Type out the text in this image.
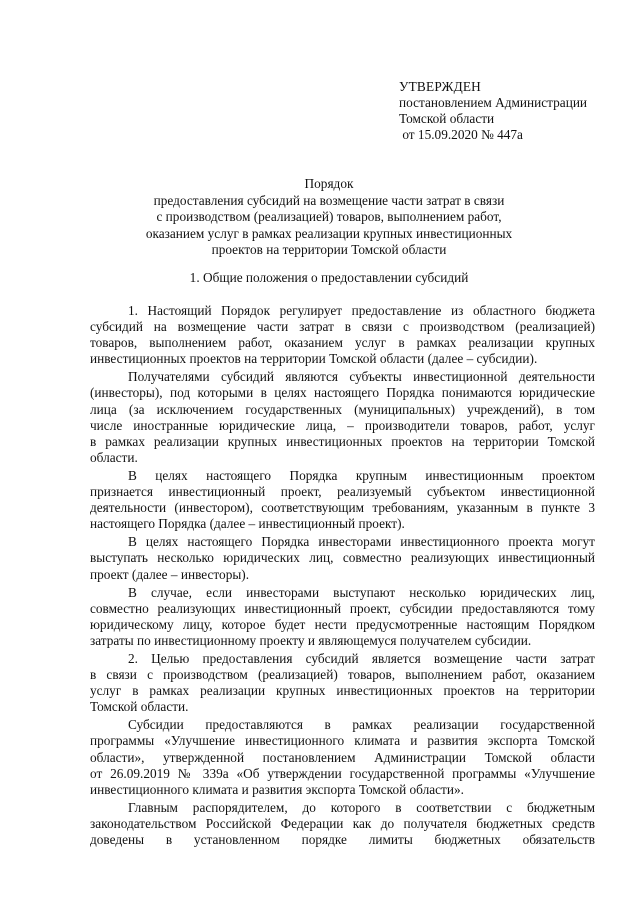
УТВЕРЖДЕН
постановлением Администрации
Томской области
от 15.09.2020 № 447а
Порядок
предоставления субсидий на возмещение части затрат в связи
с производством (реализацией) товаров, выполнением работ,
оказанием услуг в рамках реализации крупных инвестиционных
проектов на территории Томской области
1. Общие положения о предоставлении субсидий
1. Настоящий Порядок регулирует предоставление из областного бюджета
субсидий на возмещение части затрат в связи с производством (реализацией)
товаров, выполнением работ, оказанием услуг в рамках реализации крупных
инвестиционных проектов на территории Томской области (далее – субсидии).
Получателями субсидий являются субъекты инвестиционной деятельности
(инвесторы), под которыми в целях настоящего Порядка понимаются юридические
лица (за исключением государственных (муниципальных) учреждений), в том
числе иностранные юридические лица, – производители товаров, работ, услуг
в рамках реализации крупных инвестиционных проектов на территории Томской
области.
В целях настоящего Порядка крупным инвестиционным проектом
признается инвестиционный проект, реализуемый субъектом инвестиционной
деятельности (инвестором), соответствующим требованиям, указанным в пункте 3
настоящего Порядка (далее – инвестиционный проект).
В целях настоящего Порядка инвесторами инвестиционного проекта могут
выступать несколько юридических лиц, совместно реализующих инвестиционный
проект (далее – инвесторы).
В случае, если инвесторами выступают несколько юридических лиц,
совместно реализующих инвестиционный проект, субсидии предоставляются тому
юридическому лицу, которое будет нести предусмотренные настоящим Порядком
затраты по инвестиционному проекту и являющемуся получателем субсидии.
2. Целью предоставления субсидий является возмещение части затрат
в связи с производством (реализацией) товаров, выполнением работ, оказанием
услуг в рамках реализации крупных инвестиционных проектов на территории
Томской области.
Субсидии предоставляются в рамках реализации государственной
программы «Улучшение инвестиционного климата и развития экспорта Томской
области», утвержденной постановлением Администрации Томской области
от 26.09.2019 № 339а «Об утверждении государственной программы «Улучшение
инвестиционного климата и развития экспорта Томской области».
Главным распорядителем, до которого в соответствии с бюджетным
законодательством Российской Федерации как до получателя бюджетных средств
доведены в установленном порядке лимиты бюджетных обязательств
